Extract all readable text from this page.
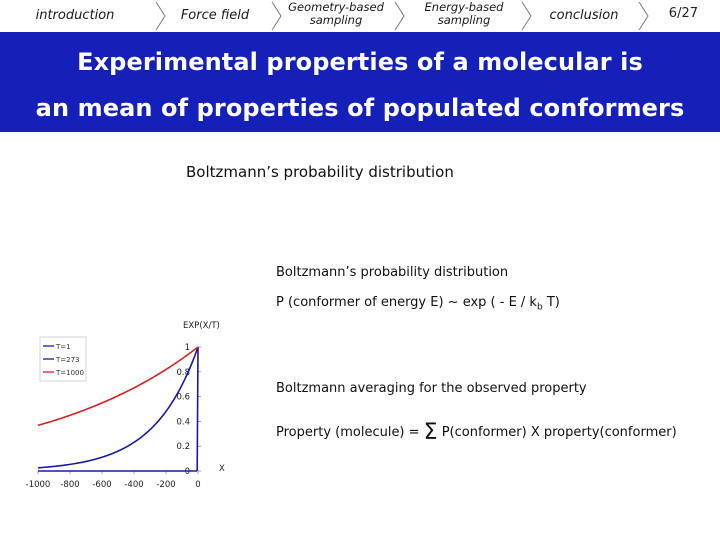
introduction	Force field
Geometry-based sampling
Energy-based sampling	conclusion	6/27
Experimental properties of a molecular is
an mean of properties of populated conformers
Boltzmann’s probability distribution
Boltzmann’s probability distribution
P (conformer of energy E) ~ exp ( - E / $k_b$ T)
Boltzmann averaging for the observed property
Property (molecule) = Σ P(conformer) X property(conformer)
EXP(X/T)
X
-1000 -800 -600 -400 -200 0
0
0.2
0.4
0.6
0.8
1
T=1
T=273
T=1000
